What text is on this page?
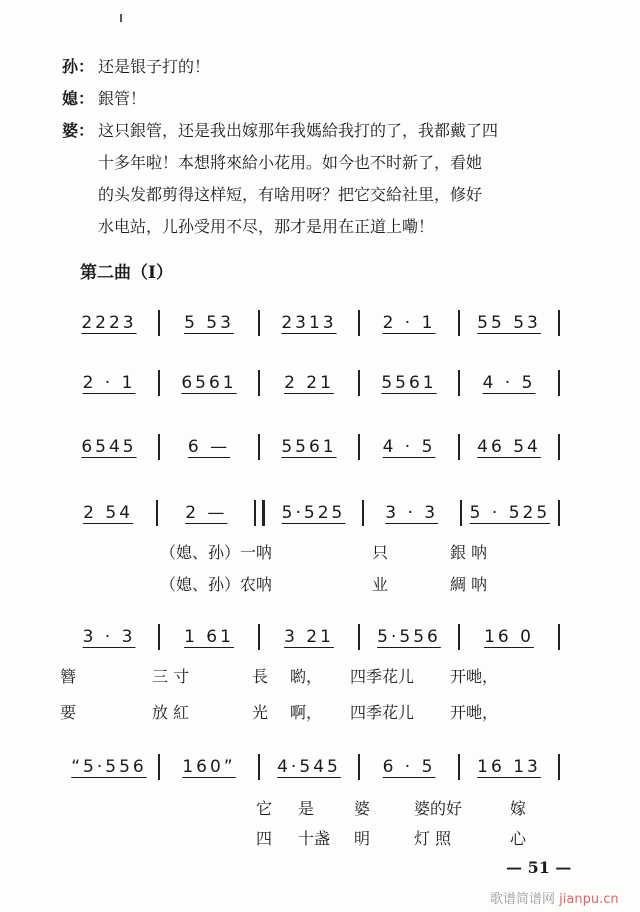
孙： 还是银子打的！
媳： 銀管！
婆： 这只銀管，还是我出嫁那年我媽給我打的了，我都戴了四
十多年啦！本想將來給小花用。如今也不时新了，看她
的头发都剪得这样短，有啥用呀？把它交給社里，修好
水电站，儿孙受用不尽，那才是用在正道上嘞！
第二曲（Ⅰ）
2223	5 53	2313	2 · 1	55 53
2 · 1	6561	2 21	5561	4 · 5
6545	6 —	5561	4 · 5	46 54
2 54	2 —	5·525	3 · 3	5 · 525
3 · 3	1 61	3 21	5·556	16 0
“5·556	160”	4·545	6 · 5	16 13
（媳、孙）一呐	只	銀 呐
（媳、孙）农呐	业	綢 呐
簪	三 寸	長 喲， 四季花儿 开哋，
要	放 紅	光 啊， 四季花儿 开哋，
它 是 婆	婆的好	嫁
四 十盏 明	灯 照	心
— 51 —
歌谱简谱网 jianpu.cn
